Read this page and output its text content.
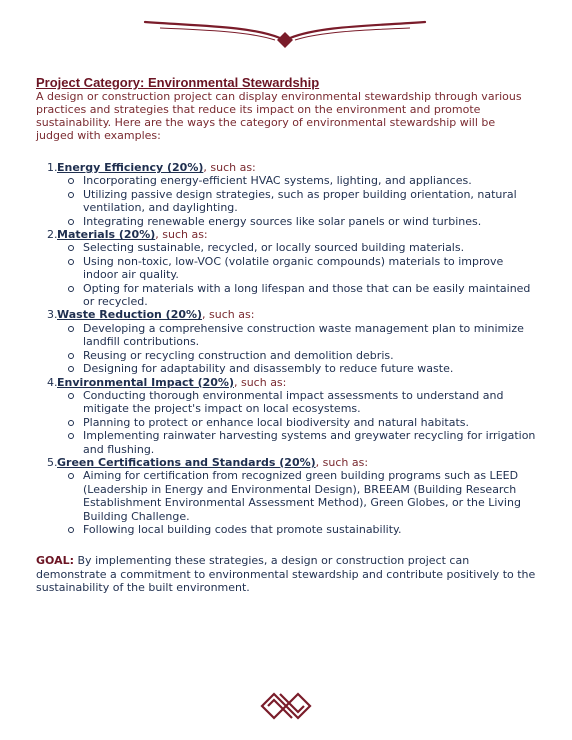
Project Category: Environmental Stewardship

A design or construction project can display environmental stewardship through various practices and strategies that reduce its impact on the environment and promote sustainability. Here are the ways the category of environmental stewardship will be judged with examples:

1. Energy Efficiency (20%), such as:
Incorporating energy-efficient HVAC systems, lighting, and appliances.
Utilizing passive design strategies, such as proper building orientation, natural ventilation, and daylighting.
Integrating renewable energy sources like solar panels or wind turbines.
2. Materials (20%), such as:
Selecting sustainable, recycled, or locally sourced building materials.
Using non-toxic, low-VOC (volatile organic compounds) materials to improve indoor air quality.
Opting for materials with a long lifespan and those that can be easily maintained or recycled.
3. Waste Reduction (20%), such as:
Developing a comprehensive construction waste management plan to minimize landfill contributions.
Reusing or recycling construction and demolition debris.
Designing for adaptability and disassembly to reduce future waste.
4. Environmental Impact (20%), such as:
Conducting thorough environmental impact assessments to understand and mitigate the project's impact on local ecosystems.
Planning to protect or enhance local biodiversity and natural habitats.
Implementing rainwater harvesting systems and greywater recycling for irrigation and flushing.
5. Green Certifications and Standards (20%), such as:
Aiming for certification from recognized green building programs such as LEED (Leadership in Energy and Environmental Design), BREEAM (Building Research Establishment Environmental Assessment Method), Green Globes, or the Living Building Challenge.
Following local building codes that promote sustainability.

GOAL: By implementing these strategies, a design or construction project can demonstrate a commitment to environmental stewardship and contribute positively to the sustainability of the built environment.
